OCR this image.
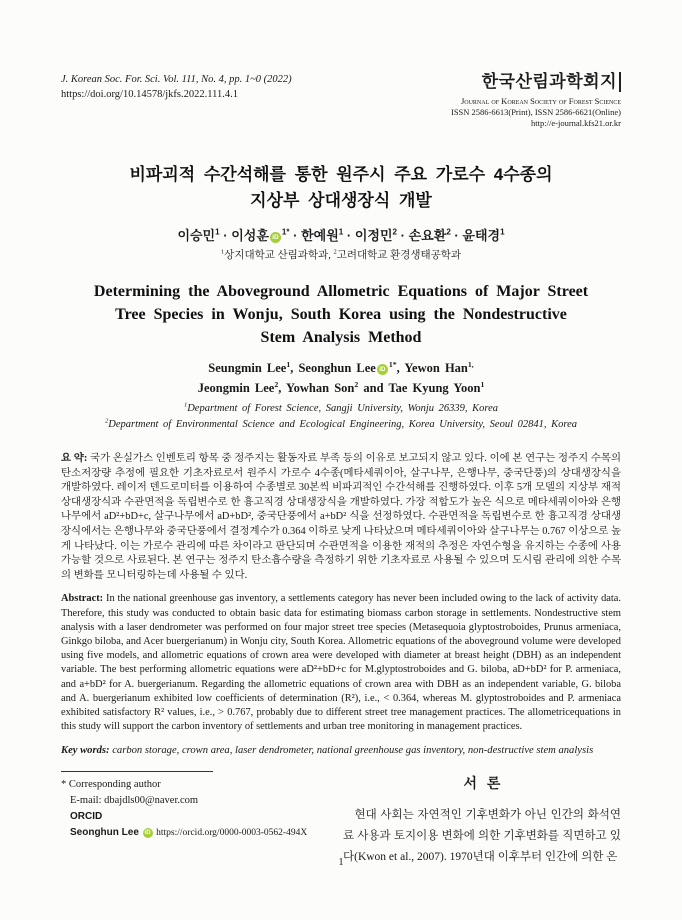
J. Korean Soc. For. Sci. Vol. 111, No. 4, pp. 1~0 (2022)
https://doi.org/10.14578/jkfs.2022.111.4.1
한국산림과학회지
Journal of Korean Society of Forest Science
ISSN 2586-6613(Print), ISSN 2586-6621(Online)
http://e-journal.kfs21.or.kr
비파괴적 수간석해를 통한 원주시 주요 가로수 4수종의
지상부 상대생장식 개발
이승민$^1$ · 이성훈 $iD^{1*}$ · 한예원$^1$ · 이정민$^2$ · 손요환$^2$ · 윤태경$^1$
$^1$상지대학교 산림과학과, $^2$고려대학교 환경생태공학과
Determining the Aboveground Allometric Equations of Major Street
Tree Species in Wonju, South Korea using the Nondestructive
Stem Analysis Method
Seungmin Lee$^1$, Seonghun Lee $iD^{1*}$, Yewon Han$^{1,}$
Jeongmin Lee$^2$, Yowhan Son$^2$ and Tae Kyung Yoon$^1$
$^1$Department of Forest Science, Sangji University, Wonju 26339, Korea
$^2$Department of Environmental Science and Ecological Engineering, Korea University, Seoul 02841, Korea
요 약: 국가 온실가스 인벤토리 항목 중 정주지는 활동자료 부족 등의 이유로 보고되지 않고 있다. 이에 본 연구는 정주지 수목의 탄소저장량 추정에 필요한 기초자료로서 원주시 가로수 4수종(메타세쿼이아, 살구나무, 은행나무, 중국단풍)의 상대생장식을 개발하였다. 레이저 덴드로미터를 이용하여 수종별로 30본씩 비파괴적인 수간석해를 진행하였다. 이후 5개 모델의 지상부 재적 상대생장식과 수관면적을 독립변수로 한 흉고직경 상대생장식을 개발하였다. 가장 적합도가 높은 식으로 메타세쿼이아와 은행나무에서 aD²+bD+c, 살구나무에서 aD+bD², 중국단풍에서 a+bD² 식을 선정하였다. 수관면적을 독립변수로 한 흉고직경 상대생장식에서는 은행나무와 중국단풍에서 결정계수가 0.364 이하로 낮게 나타났으며 메타세쿼이아와 살구나무는 0.767 이상으로 높게 나타났다. 이는 가로수 관리에 따른 차이라고 판단되며 수관면적을 이용한 재적의 추정은 자연수형을 유지하는 수종에 사용 가능할 것으로 사료된다. 본 연구는 정주지 탄소흡수량을 측정하기 위한 기초자료로 사용될 수 있으며 도시림 관리에 의한 수목의 변화를 모니터링하는데 사용될 수 있다.
Abstract: In the national greenhouse gas inventory, a settlements category has never been included owing to the lack of activity data. Therefore, this study was conducted to obtain basic data for estimating biomass carbon storage in settlements. Nondestructive stem analysis with a laser dendrometer was performed on four major street tree species (Metasequoia glyptostroboides, Prunus armeniaca, Ginkgo biloba, and Acer buergerianum) in Wonju city, South Korea. Allometric equations of the aboveground volume were developed using five models, and allometric equations of crown area were developed with diameter at breast height (DBH) as an independent variable. The best performing allometric equations were aD²+bD+c for M.glyptostroboides and G. biloba, aD+bD² for P. armeniaca, and a+bD² for A. buergerianum. Regarding the allometric equations of crown area with DBH as an independent variable, G. biloba and A. buergerianum exhibited low coefficients of determination (R²), i.e., < 0.364, whereas M. glyptostroboides and P. armeniaca exhibited satisfactory R² values, i.e., > 0.767, probably due to different street tree management practices. The allometricequations in this study will support the carbon inventory of settlements and urban tree monitoring in management practices.
Key words: carbon storage, crown area, laser dendrometer, national greenhouse gas inventory, non-destructive stem analysis
* Corresponding author
E-mail: dbajdls00@naver.com
ORCID
Seonghun Lee iD https://orcid.org/0000-0003-0562-494X
서 론
현대 사회는 자연적인 기후변화가 아닌 인간의 화석연료 사용과 토지이용 변화에 의한 기후변화를 직면하고 있다(Kwon et al., 2007). 1970년대 이후부터 인간에 의한 온
1
